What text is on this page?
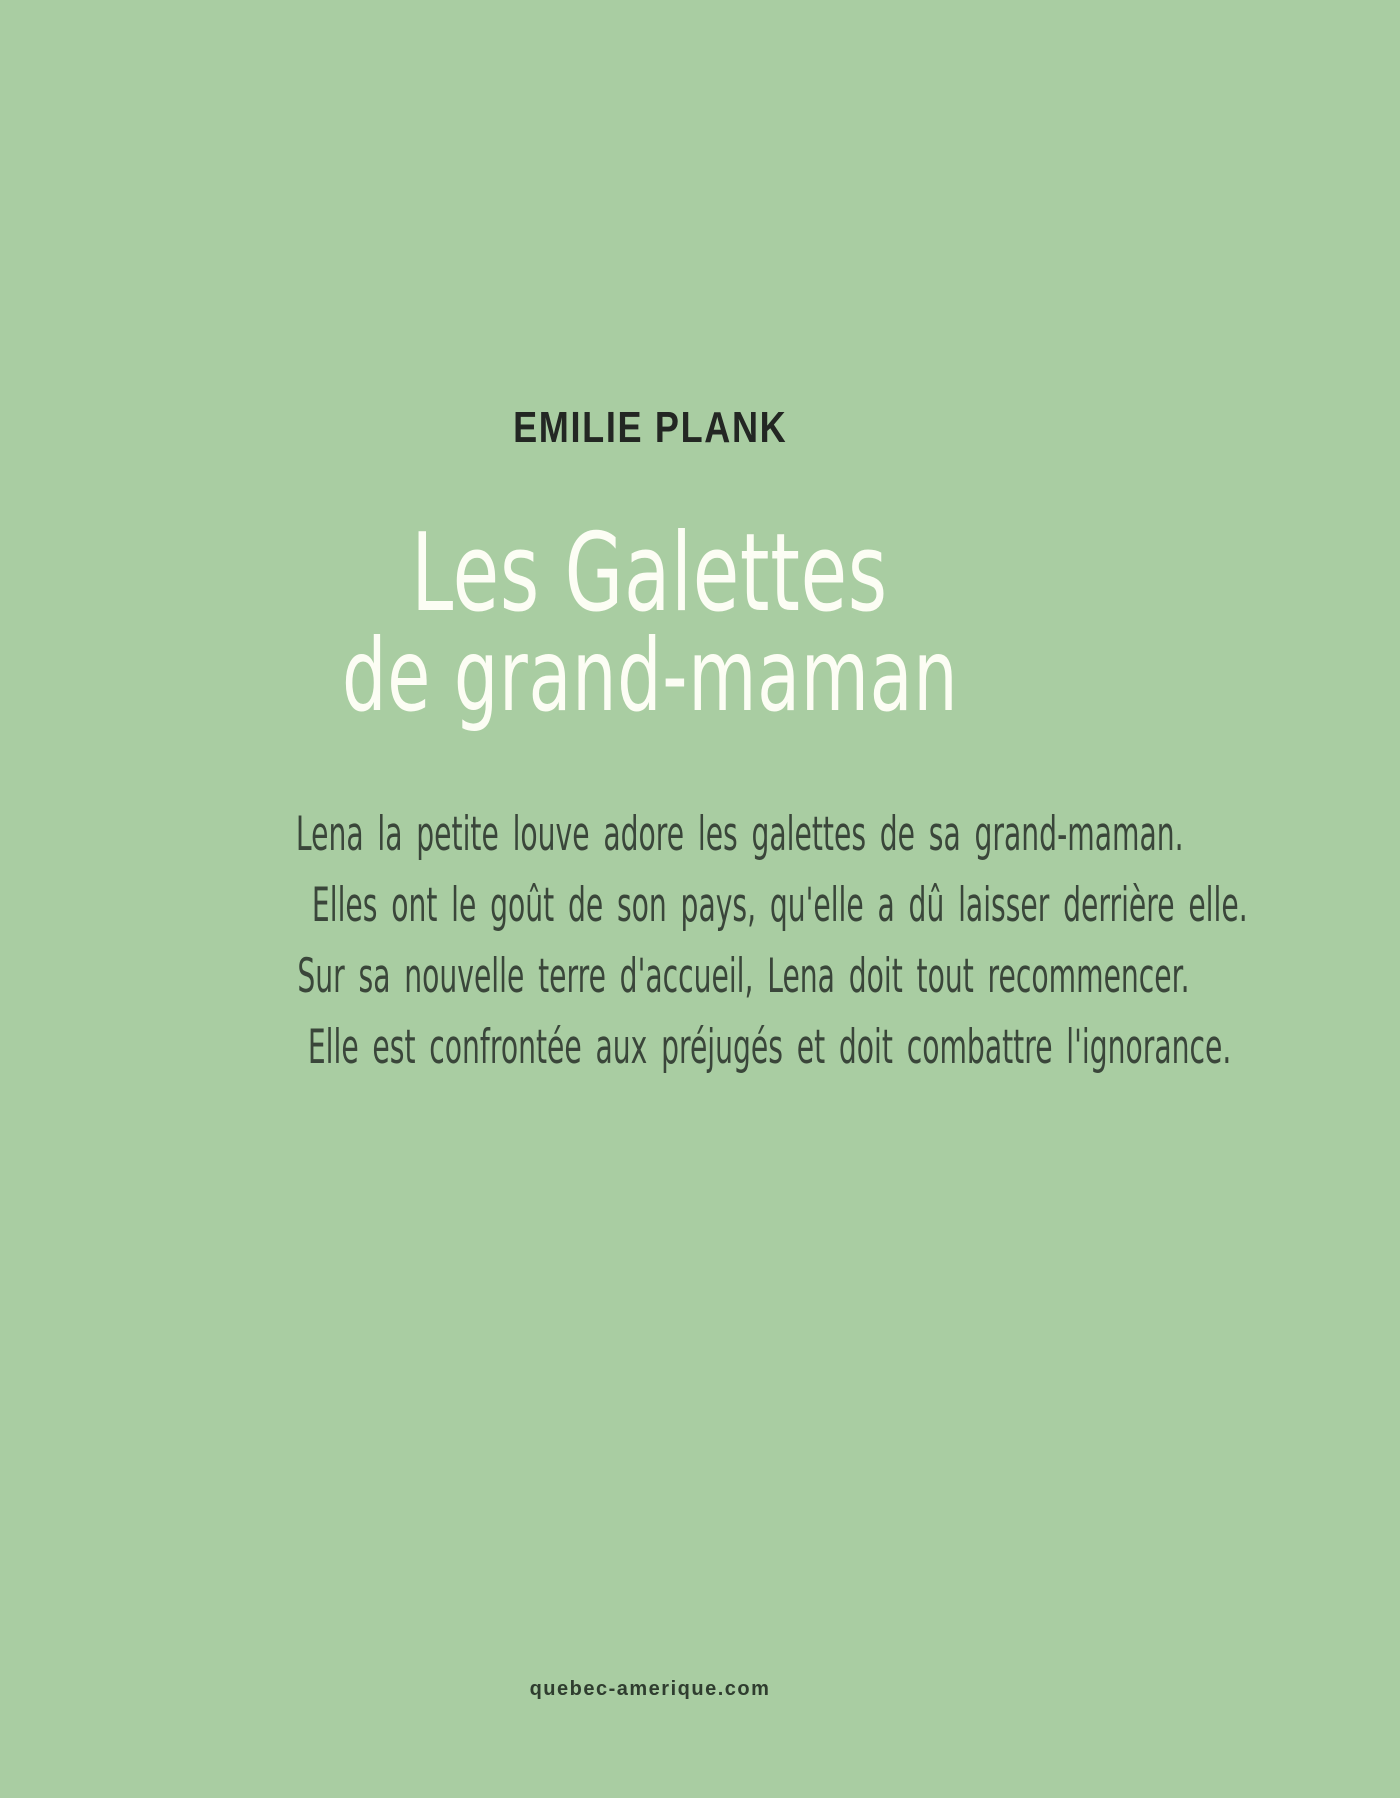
EMILIE PLANK
Les Galettes
de grand-maman
Lena la petite louve adore les galettes de sa grand-maman.
Elles ont le goût de son pays, qu'elle a dû laisser derrière elle.
Sur sa nouvelle terre d'accueil, Lena doit tout recommencer.
Elle est confrontée aux préjugés et doit combattre l'ignorance.
quebec-amerique.com
